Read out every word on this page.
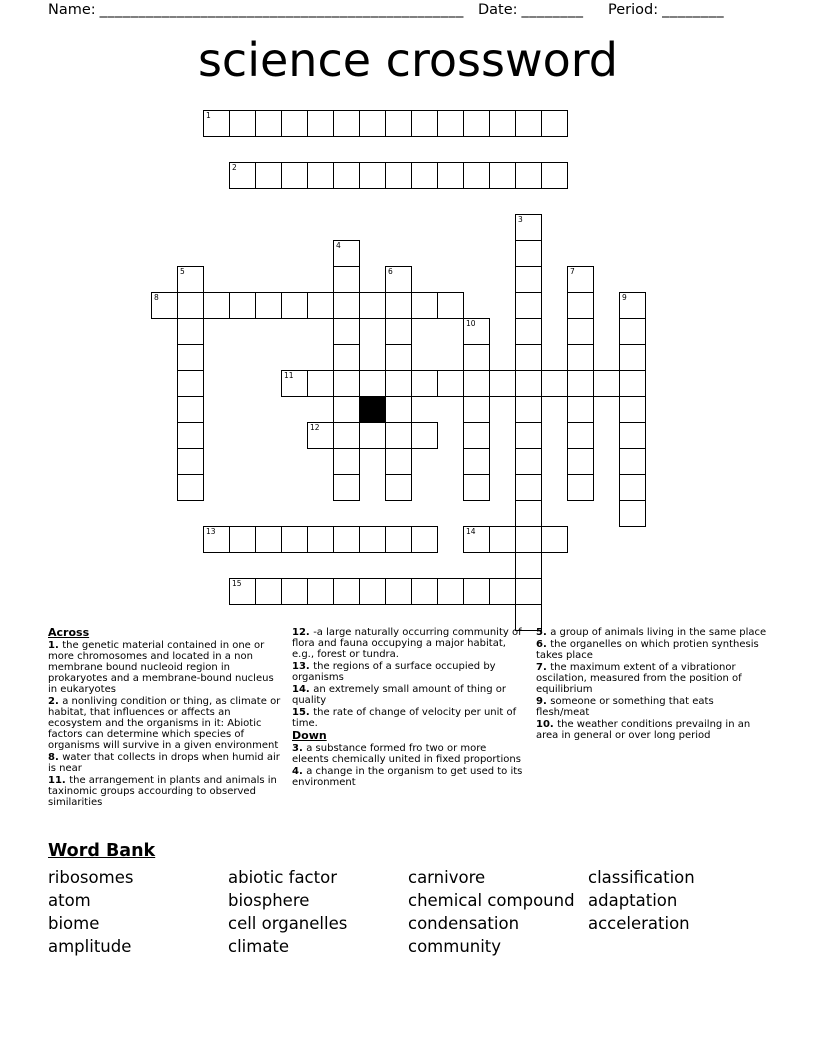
Name: _______________________________________________ Date: ________ Period: ________
science crossword
1
2
3
4
5	6	7
8	9
10
11
12
13	14
15
Across
1. the genetic material contained in one or more chromosomes and located in a non membrane bound nucleoid region in prokaryotes and a membrane-bound nucleus in eukaryotes
2. a nonliving condition or thing, as climate or habitat, that influences or affects an ecosystem and the organisms in it: Abiotic factors can determine which species of organisms will survive in a given environment
8. water that collects in drops when humid air is near
11. the arrangement in plants and animals in taxinomic groups accourding to observed similarities
12. -a large naturally occurring community of flora and fauna occupying a major habitat, e.g., forest or tundra.
13. the regions of a surface occupied by organisms
14. an extremely small amount of thing or quality
15. the rate of change of velocity per unit of time.
Down
3. a substance formed fro two or more eleents chemically united in fixed proportions
4. a change in the organism to get used to its environment
5. a group of animals living in the same place
6. the organelles on which protien synthesis takes place
7. the maximum extent of a vibrationor oscilation, measured from the position of equilibrium
9. someone or something that eats flesh/meat
10. the weather conditions prevailng in an area in general or over long period
Word Bank
ribosomes
atom
biome
amplitude
abiotic factor
biosphere
cell organelles
climate
carnivore
chemical compound
condensation
community
classification
adaptation
acceleration
